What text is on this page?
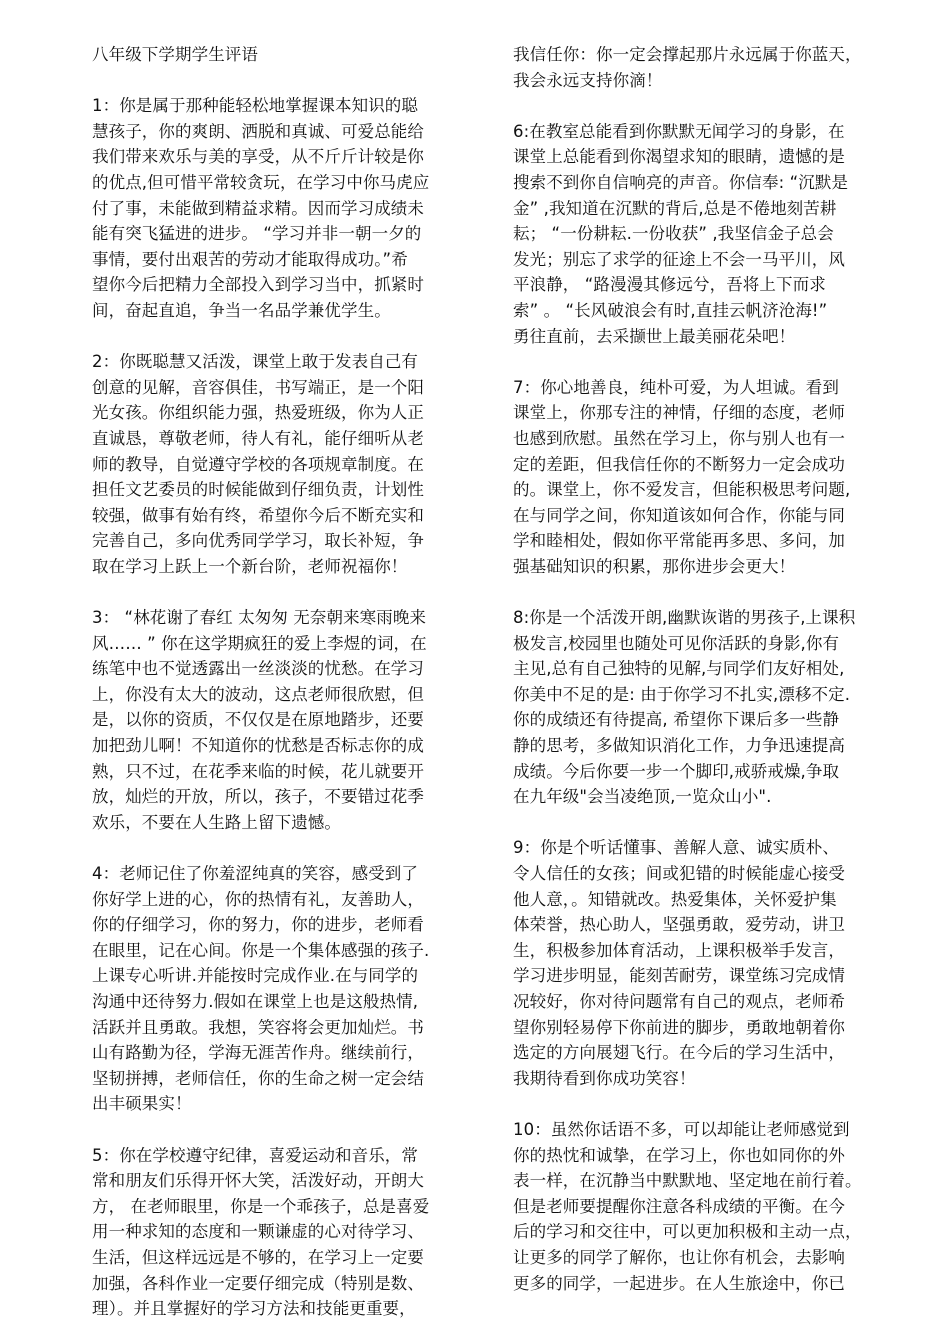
八年级下学期学生评语
1：你是属于那种能轻松地掌握课本知识的聪
慧孩子，你的爽朗、洒脱和真诚、可爱总能给
我们带来欢乐与美的享受，从不斤斤计较是你
的优点,但可惜平常较贪玩，在学习中你马虎应
付了事，未能做到精益求精。因而学习成绩未
能有突飞猛进的进步。 “学习并非一朝一夕的
事情，要付出艰苦的劳动才能取得成功。”希
望你今后把精力全部投入到学习当中，抓紧时
间，奋起直追，争当一名品学兼优学生。
2：你既聪慧又活泼，课堂上敢于发表自己有
创意的见解，音容俱佳，书写端正，是一个阳
光女孩。你组织能力强，热爱班级，你为人正
直诚恳，尊敬老师，待人有礼，能仔细听从老
师的教导，自觉遵守学校的各项规章制度。在
担任文艺委员的时候能做到仔细负责，计划性
较强，做事有始有终，希望你今后不断充实和
完善自己，多向优秀同学学习，取长补短，争
取在学习上跃上一个新台阶，老师祝福你！
3： “林花谢了春红 太匆匆 无奈朝来寒雨晚来
风…… ” 你在这学期疯狂的爱上李煜的词，在
练笔中也不觉透露出一丝淡淡的忧愁。在学习
上，你没有太大的波动，这点老师很欣慰，但
是，以你的资质，不仅仅是在原地踏步，还要
加把劲儿啊！不知道你的忧愁是否标志你的成
熟，只不过，在花季来临的时候，花儿就要开
放，灿烂的开放，所以，孩子，不要错过花季
欢乐，不要在人生路上留下遗憾。
4：老师记住了你羞涩纯真的笑容，感受到了
你好学上进的心，你的热情有礼，友善助人，
你的仔细学习，你的努力，你的进步，老师看
在眼里，记在心间。你是一个集体感强的孩子.
上课专心听讲.并能按时完成作业.在与同学的
沟通中还待努力.假如在课堂上也是这般热情,
活跃并且勇敢。我想，笑容将会更加灿烂。书
山有路勤为径，学海无涯苦作舟。继续前行，
坚韧拼搏，老师信任，你的生命之树一定会结
出丰硕果实！
5：你在学校遵守纪律，喜爱运动和音乐，常
常和朋友们乐得开怀大笑，活泼好动，开朗大
方， 在老师眼里，你是一个乖孩子，总是喜爱
用一种求知的态度和一颗谦虚的心对待学习、
生活，但这样远远是不够的，在学习上一定要
加强，各科作业一定要仔细完成（特别是数、
理）。并且掌握好的学习方法和技能更重要，
我信任你：你一定会撑起那片永远属于你蓝天，
我会永远支持你滴！
6:在教室总能看到你默默无闻学习的身影，在
课堂上总能看到你渴望求知的眼睛，遗憾的是
搜索不到你自信响亮的声音。你信奉: “沉默是
金” ,我知道在沉默的背后,总是不倦地刻苦耕
耘； “一份耕耘.一份收获” ,我坚信金子总会
发光；别忘了求学的征途上不会一马平川，风
平浪静， “路漫漫其修远兮，吾将上下而求
索” 。 “长风破浪会有时,直挂云帆济沧海!”
勇往直前，去采撷世上最美丽花朵吧！
7：你心地善良，纯朴可爱，为人坦诚。看到
课堂上，你那专注的神情，仔细的态度，老师
也感到欣慰。虽然在学习上，你与别人也有一
定的差距，但我信任你的不断努力一定会成功
的。课堂上，你不爱发言，但能积极思考问题,
在与同学之间，你知道该如何合作，你能与同
学和睦相处，假如你平常能再多思、多问，加
强基础知识的积累，那你进步会更大！
8:你是一个活泼开朗,幽默诙谐的男孩子,上课积
极发言,校园里也随处可见你活跃的身影,你有
主见,总有自己独特的见解,与同学们友好相处,
你美中不足的是: 由于你学习不扎实,漂移不定.
你的成绩还有待提高, 希望你下课后多一些静
静的思考，多做知识消化工作，力争迅速提高
成绩。今后你要一步一个脚印,戒骄戒燥,争取
在九年级"会当凌绝顶,一览众山小".
9：你是个听话懂事、善解人意、诚实质朴、
令人信任的女孩；间或犯错的时候能虚心接受
他人意，。知错就改。热爱集体，关怀爱护集
体荣誉，热心助人，坚强勇敢，爱劳动，讲卫
生，积极参加体育活动，上课积极举手发言，
学习进步明显，能刻苦耐劳，课堂练习完成情
况较好，你对待问题常有自己的观点，老师希
望你别轻易停下你前进的脚步，勇敢地朝着你
选定的方向展翅飞行。在今后的学习生活中，
我期待看到你成功笑容！
10：虽然你话语不多，可以却能让老师感觉到
你的热忱和诚挚，在学习上，你也如同你的外
表一样，在沉静当中默默地、坚定地在前行着。
但是老师要提醒你注意各科成绩的平衡。在今
后的学习和交往中，可以更加积极和主动一点，
让更多的同学了解你，也让你有机会，去影响
更多的同学，一起进步。在人生旅途中，你已
